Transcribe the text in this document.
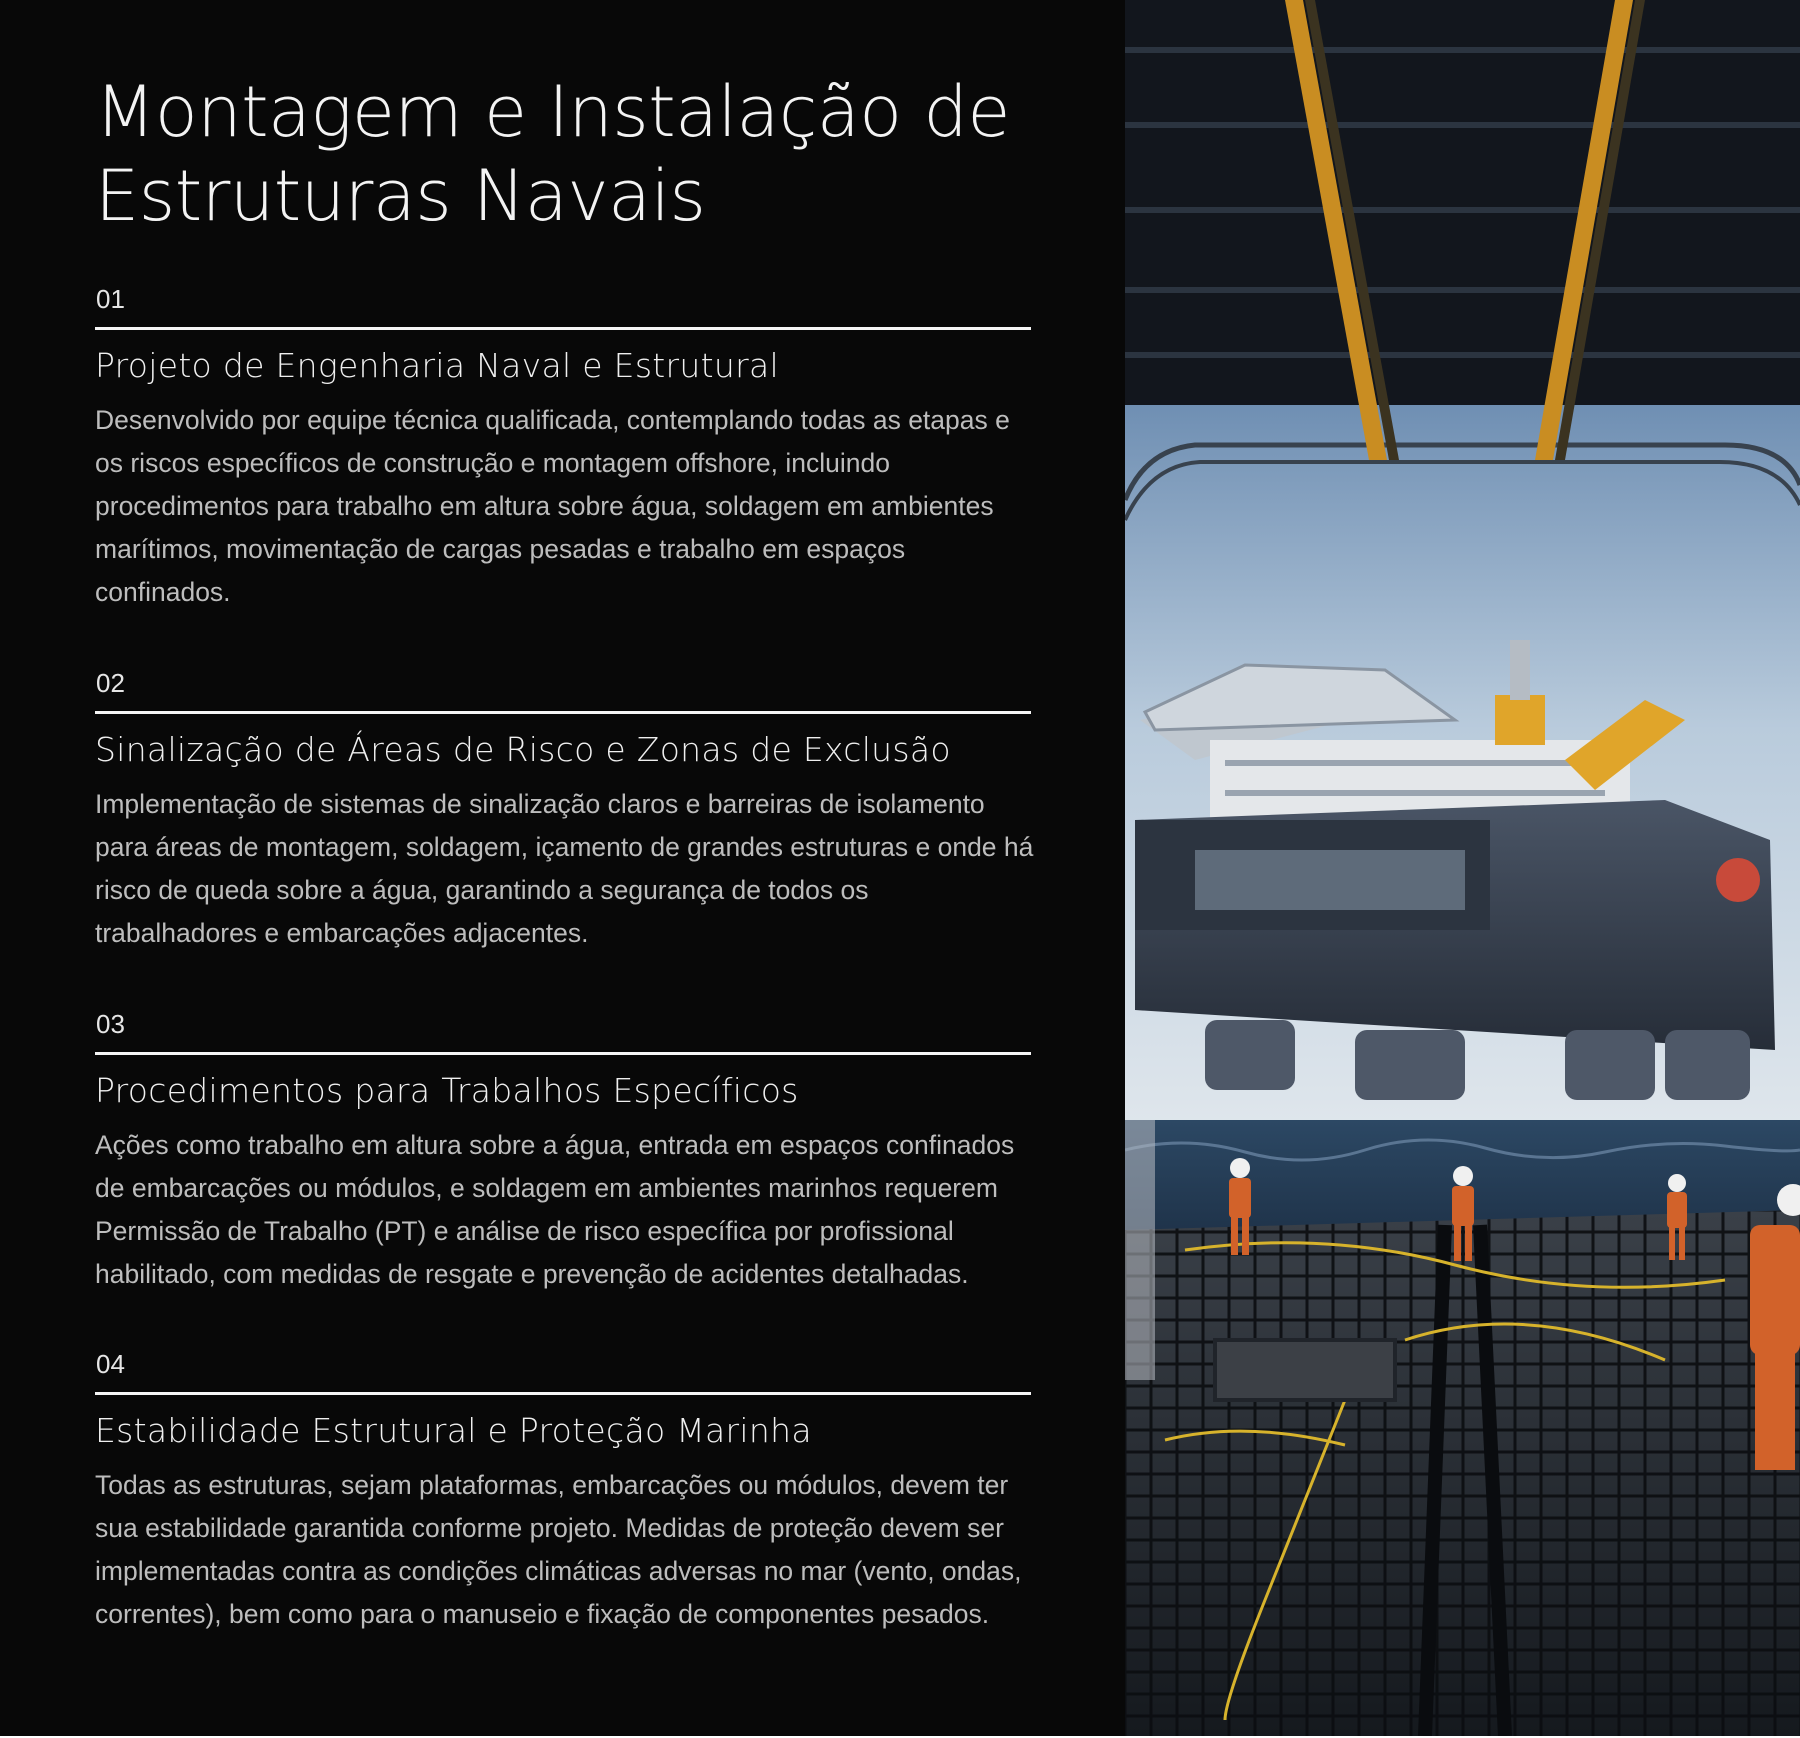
Montagem e Instalação de
Estruturas Navais
01
Projeto de Engenharia Naval e Estrutural

Desenvolvido por equipe técnica qualificada, contemplando todas as etapas e os riscos específicos de construção e montagem offshore, incluindo procedimentos para trabalho em altura sobre água, soldagem em ambientes marítimos, movimentação de cargas pesadas e trabalho em espaços confinados.

02
Sinalização de Áreas de Risco e Zonas de Exclusão

Implementação de sistemas de sinalização claros e barreiras de isolamento para áreas de montagem, soldagem, içamento de grandes estruturas e onde há risco de queda sobre a água, garantindo a segurança de todos os trabalhadores e embarcações adjacentes.

03
Procedimentos para Trabalhos Específicos

Ações como trabalho em altura sobre a água, entrada em espaços confinados de embarcações ou módulos, e soldagem em ambientes marinhos requerem Permissão de Trabalho (PT) e análise de risco específica por profissional habilitado, com medidas de resgate e prevenção de acidentes detalhadas.

04
Estabilidade Estrutural e Proteção Marinha

Todas as estruturas, sejam plataformas, embarcações ou módulos, devem ter sua estabilidade garantida conforme projeto. Medidas de proteção devem ser implementadas contra as condições climáticas adversas no mar (vento, ondas, correntes), bem como para o manuseio e fixação de componentes pesados.
